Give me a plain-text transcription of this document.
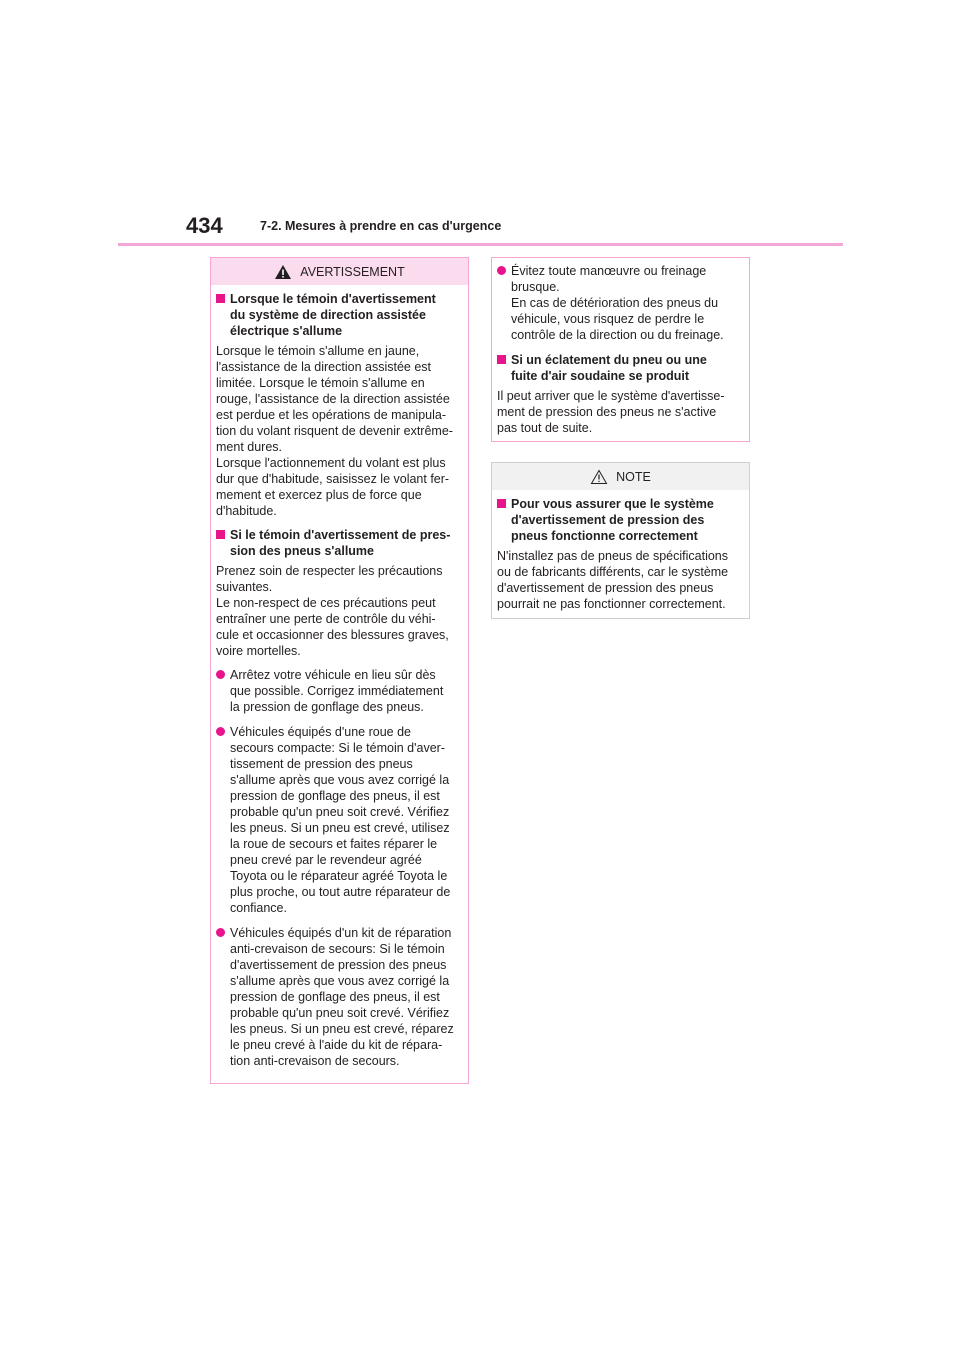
434	7-2. Mesures à prendre en cas d'urgence
AVERTISSEMENT
Lorsque le témoin d'avertissement
du système de direction assistée
électrique s'allume

Lorsque le témoin s'allume en jaune,
l'assistance de la direction assistée est
limitée. Lorsque le témoin s'allume en
rouge, l'assistance de la direction assistée
est perdue et les opérations de manipula-
tion du volant risquent de devenir extrême-
ment dures.
Lorsque l'actionnement du volant est plus
dur que d'habitude, saisissez le volant fer-
mement et exercez plus de force que
d'habitude.

Si le témoin d'avertissement de pres-
sion des pneus s'allume

Prenez soin de respecter les précautions
suivantes.
Le non-respect de ces précautions peut
entraîner une perte de contrôle du véhi-
cule et occasionner des blessures graves,
voire mortelles.

Arrêtez votre véhicule en lieu sûr dès
que possible. Corrigez immédiatement
la pression de gonflage des pneus.
Véhicules équipés d'une roue de
secours compacte: Si le témoin d'aver-
tissement de pression des pneus
s'allume après que vous avez corrigé la
pression de gonflage des pneus, il est
probable qu'un pneu soit crevé. Vérifiez
les pneus. Si un pneu est crevé, utilisez
la roue de secours et faites réparer le
pneu crevé par le revendeur agréé
Toyota ou le réparateur agréé Toyota le
plus proche, ou tout autre réparateur de
confiance.
Véhicules équipés d'un kit de réparation
anti-crevaison de secours: Si le témoin
d'avertissement de pression des pneus
s'allume après que vous avez corrigé la
pression de gonflage des pneus, il est
probable qu'un pneu soit crevé. Vérifiez
les pneus. Si un pneu est crevé, réparez
le pneu crevé à l'aide du kit de répara-
tion anti-crevaison de secours.
Évitez toute manœuvre ou freinage
brusque.
En cas de détérioration des pneus du
véhicule, vous risquez de perdre le
contrôle de la direction ou du freinage.
Si un éclatement du pneu ou une
fuite d'air soudaine se produit

Il peut arriver que le système d'avertisse-
ment de pression des pneus ne s'active
pas tout de suite.

NOTE
Pour vous assurer que le système
d'avertissement de pression des
pneus fonctionne correctement

N'installez pas de pneus de spécifications
ou de fabricants différents, car le système
d'avertissement de pression des pneus
pourrait ne pas fonctionner correctement.
